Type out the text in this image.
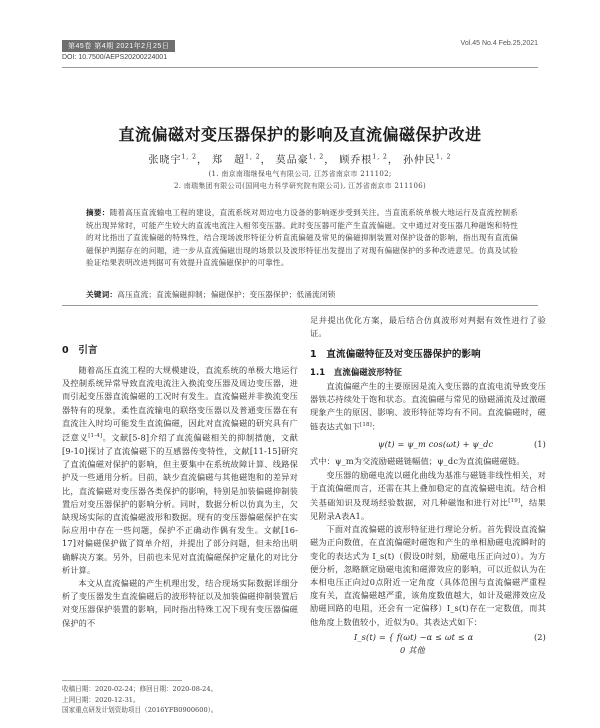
第45卷 第4期 2021年2月25日	Vol.45 No.4 Feb.25,2021
DOI: 10.7500/AEPS20200224001
直流偏磁对变压器保护的影响及直流偏磁保护改进
张晓宇$^{1, 2}$， 郑　超$^{1, 2}$， 莫品豪$^{1, 2}$， 顾乔根$^{1, 2}$， 孙仲民$^{1, 2}$
(1. 南京南瑞继保电气有限公司, 江苏省南京市 211102;
2. 南瑞集团有限公司(国网电力科学研究院有限公司), 江苏省南京市 211106)
摘要：随着高压直流输电工程的建设，直流系统对周边电力设备的影响逐步受到关注。当直流系统单极大地运行及直流控制系统出现异常时，可能产生较大的直流电流注入相邻变压器。此时变压器可能产生直流偏磁。文中通过对变压器几种磁饱和特性的对比指出了直流偏磁的特殊性，结合现场波形特征分析直流偏磁及常见的偏磁抑制装置对保护设备的影响，指出现有直流偏磁保护判据存在的问题，进一步从直流偏磁出现的场景以及波形特征出发提出了对现有偏磁保护的多种改进意见。仿真及试验验证结果表明改进判据可有效提升直流偏磁保护的可靠性。
关键词：高压直流；直流偏磁抑制；偏磁保护；变压器保护；低涌流闭锁
0　引言

随着高压直流工程的大规模建设，直流系统的单极大地运行及控制系统异常导致直流电流注入换流变压器及周边变压器，进而引起变压器直流偏磁的工况时有发生。直流偏磁并非换流变压器特有的现象，柔性直流输电的联络变压器以及普通变压器在有直流注入时均可能发生直流偏磁，因此对直流偏磁的研究具有广泛意义[1-4]。文献[5-8]介绍了直流偏磁相关的抑制措施，文献[9-10]探讨了直流偏磁下的互感器传变特性，文献[11-15]研究了直流偏磁对保护的影响，但主要集中在系统故障计算、线路保护及一些通用分析。目前，缺少直流偏磁与其他磁饱和的差异对比，直流偏磁对变压器各类保护的影响，特别是加装偏磁抑制装置后对变压器保护的影响分析。同时，数据分析以仿真为主，欠缺现场实际的直流偏磁波形和数据。现有的变压器偏磁保护在实际应用中存在一些问题，保护不正确动作偶有发生。文献[16-17]对偏磁保护做了简单介绍，并提出了部分问题，但未给出明确解决方案。另外，目前也未见对直流偏磁保护定量化的对比分析计算。

本文从直流偏磁的产生机理出发，结合现场实际数据详细分析了变压器发生直流偏磁后的波形特征以及加装偏磁抑制装置后对变压器保护装置的影响，同时指出特殊工况下现有变压器偏磁保护的不

收稿日期：2020-02-24；修回日期：2020-08-24。
上网日期：2020-12-31。
国家重点研发计划资助项目（2016YFB0900600）。

足并提出优化方案，最后结合仿真波形对判据有效性进行了验证。

1　直流偏磁特征及对变压器保护的影响
1.1　直流偏磁波形特征

直流偏磁产生的主要原因是流入变压器的直流电流导致变压器铁芯持续处于饱和状态。直流偏磁与常见的励磁涌流及过激磁现象产生的原因、影响、波形特征等均有不同。直流偏磁时，磁链表达式如下[18]：

ψ(t) = ψ_m cos(ωt) + ψ_dc	(1)

式中：ψ_m为交流励磁磁链幅值；ψ_dc为直流偏磁磁链。

变压器的励磁电流以磁化曲线为基准与磁链非线性相关，对于直流偏磁而言，还需在其上叠加稳定的直流偏磁电流。结合相关基础知识及现场经验数据，对几种磁饱和进行对比[19]，结果见附录A表A1。

下面对直流偏磁的波形特征进行理论分析。首先假设直流偏磁为正向数值，在直流偏磁时磁饱和产生的单相励磁电流瞬时的变化的表达式为 I_s(t)（假设0时刻，励磁电压正向过0）。为方便分析，忽略额定励磁电流和磁滞效应的影响，可以近似认为在本相电压正向过0点附近一定角度（具体范围与直流偏磁严重程度有关，直流偏磁越严重，该角度数值越大，如计及磁滞效应及励磁回路的电阻，还会有一定偏移）I_s(t)存在一定数值，而其他角度上数值较小，近似为0。其表达式如下：

I_s(t) = { f(ωt) −α ≤ ωt ≤ α
0 其他
(2)
